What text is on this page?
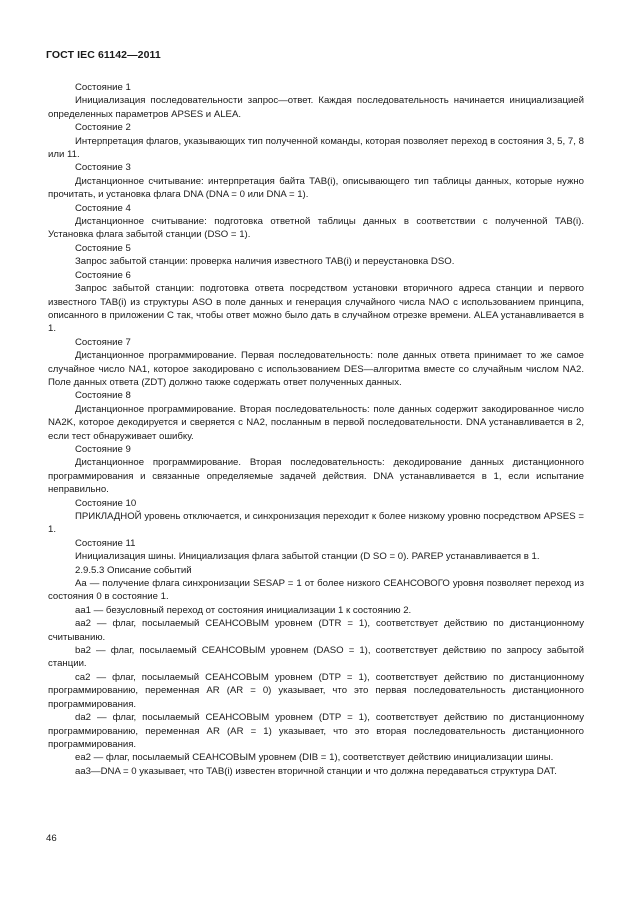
ГОСТ IEC 61142—2011

Состояние 1

Инициализация последовательности запрос—ответ. Каждая последовательность начинается инициализацией определенных параметров APSES и ALEA.

Состояние 2

Интерпретация флагов, указывающих тип полученной команды, которая позволяет переход в состояния 3, 5, 7, 8 или 11.

Состояние 3

Дистанционное считывание: интерпретация байта TAB(i), описывающего тип таблицы данных, которые нужно прочитать, и установка флага DNA (DNA = 0 или DNA = 1).

Состояние 4

Дистанционное считывание: подготовка ответной таблицы данных в соответствии с полученной TAB(i). Установка флага забытой станции (DSO = 1).

Состояние 5

Запрос забытой станции: проверка наличия известного TAB(i) и переустановка DSO.

Состояние 6

Запрос забытой станции: подготовка ответа посредством установки вторичного адреса станции и первого известного TAB(i) из структуры ASO в поле данных и генерация случайного числа NAO с использованием принципа, описанного в приложении C так, чтобы ответ можно было дать в случайном отрезке времени. ALEA устанавливается в 1.

Состояние 7

Дистанционное программирование. Первая последовательность: поле данных ответа принимает то же самое случайное число NA1, которое закодировано с использованием DES—алгоритма вместе со случайным числом NA2. Поле данных ответа (ZDT) должно также содержать ответ полученных данных.

Состояние 8

Дистанционное программирование. Вторая последовательность: поле данных содержит закодированное число NA2K, которое декодируется и сверяется с NA2, посланным в первой последовательности. DNA устанавливается в 2, если тест обнаруживает ошибку.

Состояние 9

Дистанционное программирование. Вторая последовательность: декодирование данных дистанционного программирования и связанные определяемые задачей действия. DNA устанавливается в 1, если испытание неправильно.

Состояние 10

ПРИКЛАДНОЙ уровень отключается, и синхронизация переходит к более низкому уровню посредством APSES = 1.

Состояние 11

Инициализация шины. Инициализация флага забытой станции (D SO = 0). PAREP устанавливается в 1.

2.9.5.3 Описание событий

Aa — получение флага синхронизации SESAP = 1 от более низкого СЕАНСОВОГО уровня позволяет переход из состояния 0 в состояние 1.

aa1 — безусловный переход от состояния инициализации 1 к состоянию 2.

aa2 — флаг, посылаемый СЕАНСОВЫМ уровнем (DTR = 1), соответствует действию по дистанционному считыванию.

ba2 — флаг, посылаемый СЕАНСОВЫМ уровнем (DASO = 1), соответствует действию по запросу забытой станции.

ca2 — флаг, посылаемый СЕАНСОВЫМ уровнем (DTP = 1), соответствует действию по дистанционному программированию, переменная AR (AR = 0) указывает, что это первая последовательность дистанционного программирования.

da2 — флаг, посылаемый СЕАНСОВЫМ уровнем (DTP = 1), соответствует действию по дистанционному программированию, переменная AR (AR = 1) указывает, что это вторая последовательность дистанционного программирования.

ea2 — флаг, посылаемый СЕАНСОВЫМ уровнем (DIB = 1), соответствует действию инициализации шины.

aa3—DNA = 0 указывает, что TAB(i) известен вторичной станции и что должна передаваться структура DAT.

46
